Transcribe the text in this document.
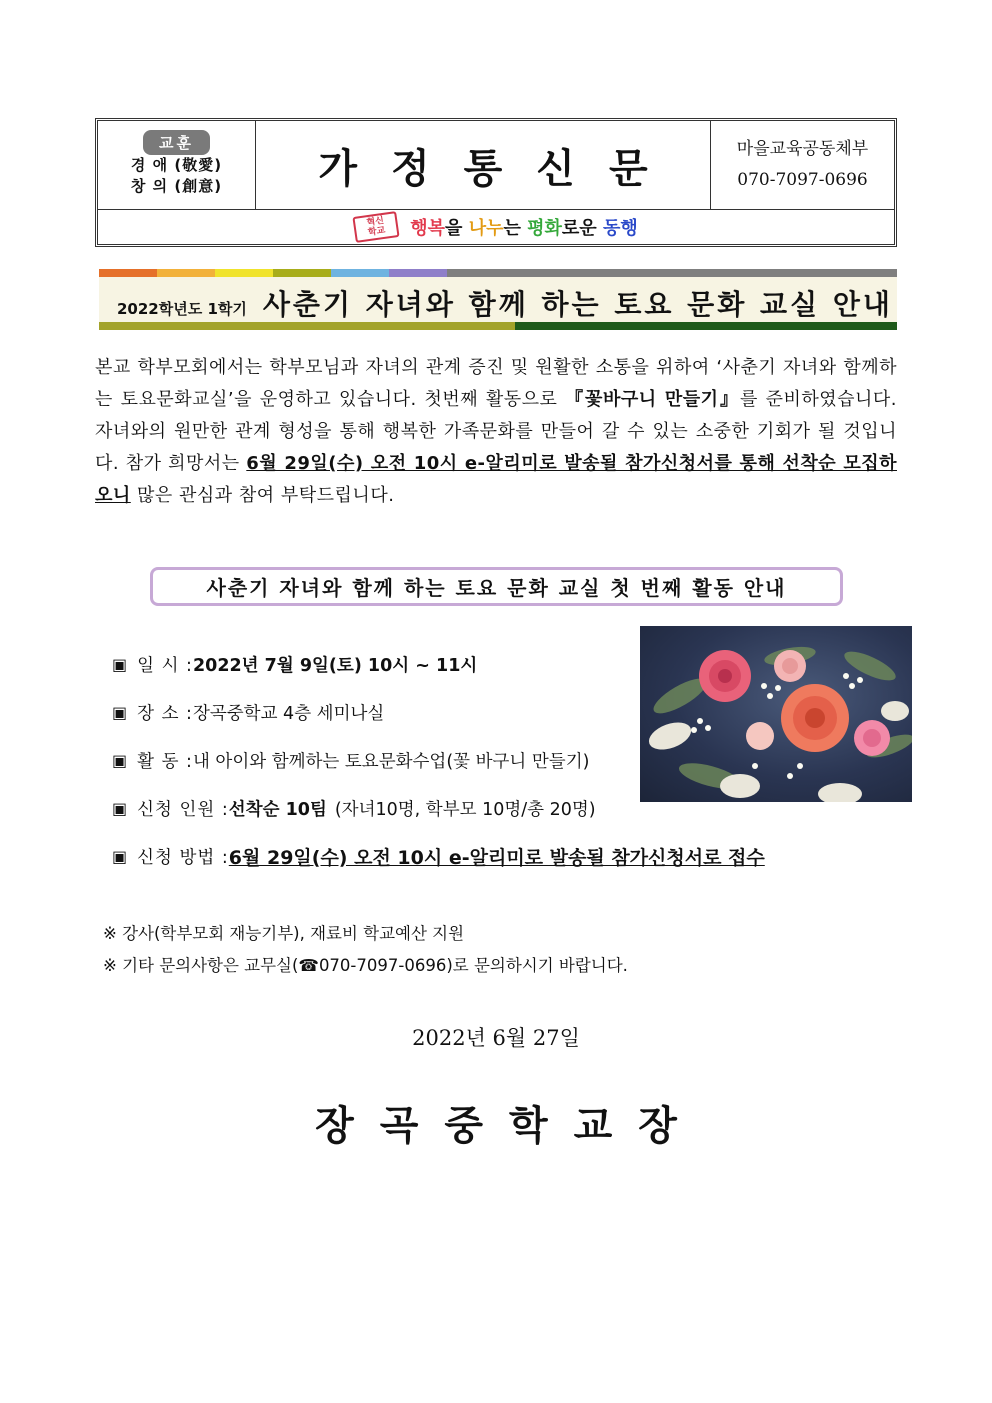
교훈
경 애 (敬愛)
창 의 (創意)	가정통신문	마을교육공동체부
070-7097-0696
혁신
학교 행복을 나누는 평화로운 동행
2022학년도 1학기 사춘기 자녀와 함께 하는 토요 문화 교실 안내

본교 학부모회에서는 학부모님과 자녀의 관계 증진 및 원활한 소통을 위하여 ‘사춘기 자녀와 함께하는 토요문화교실’을 운영하고 있습니다. 첫번째 활동으로 『꽃바구니 만들기』를 준비하였습니다. 자녀와의 원만한 관계 형성을 통해 행복한 가족문화를 만들어 갈 수 있는 소중한 기회가 될 것입니다. 참가 희망서는 6월 29일(수) 오전 10시 e-알리미로 발송될 참가신청서를 통해 선착순 모집하오니 많은 관심과 참여 부탁드립니다.

사춘기 자녀와 함께 하는 토요 문화 교실 첫 번째 활동 안내
▣ 일 시 : 2022년 7월 9일(토) 10시 ~ 11시
▣ 장 소 : 장곡중학교 4층 세미나실
▣ 활 동 : 내 아이와 함께하는 토요문화수업(꽃 바구니 만들기)
▣ 신청 인원 : 선착순 10팀 (자녀10명, 학부모 10명/총 20명)
▣ 신청 방법 : 6월 29일(수) 오전 10시 e-알리미로 발송될 참가신청서로 접수
※ 강사(학부모회 재능기부), 재료비 학교예산 지원
※ 기타 문의사항은 교무실(☎070-7097-0696)로 문의하시기 바랍니다.
2022년 6월 27일
장곡중학교장
